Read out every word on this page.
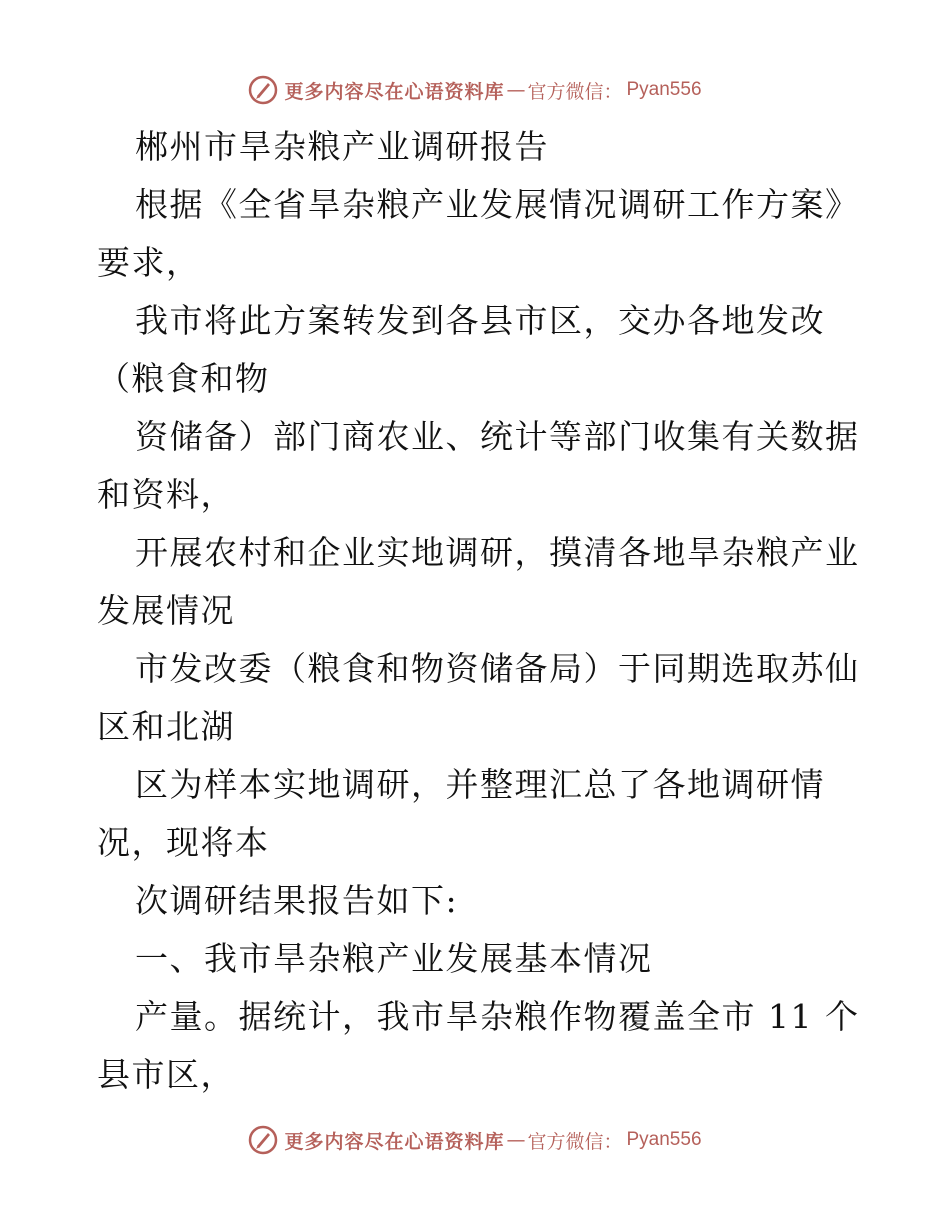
更多内容尽在心语资料库 — 官方微信： Pyan556
郴州市旱杂粮产业调研报告
根据《全省旱杂粮产业发展情况调研工作方案》
要求，
我市将此方案转发到各县市区，交办各地发改
（粮食和物
资储备）部门商农业、统计等部门收集有关数据
和资料，
开展农村和企业实地调研，摸清各地旱杂粮产业
发展情况
市发改委（粮食和物资储备局）于同期选取苏仙
区和北湖
区为样本实地调研，并整理汇总了各地调研情
况，现将本
次调研结果报告如下:
一、我市旱杂粮产业发展基本情况
产量。据统计，我市旱杂粮作物覆盖全市 11 个
县市区，
更多内容尽在心语资料库 — 官方微信： Pyan556
